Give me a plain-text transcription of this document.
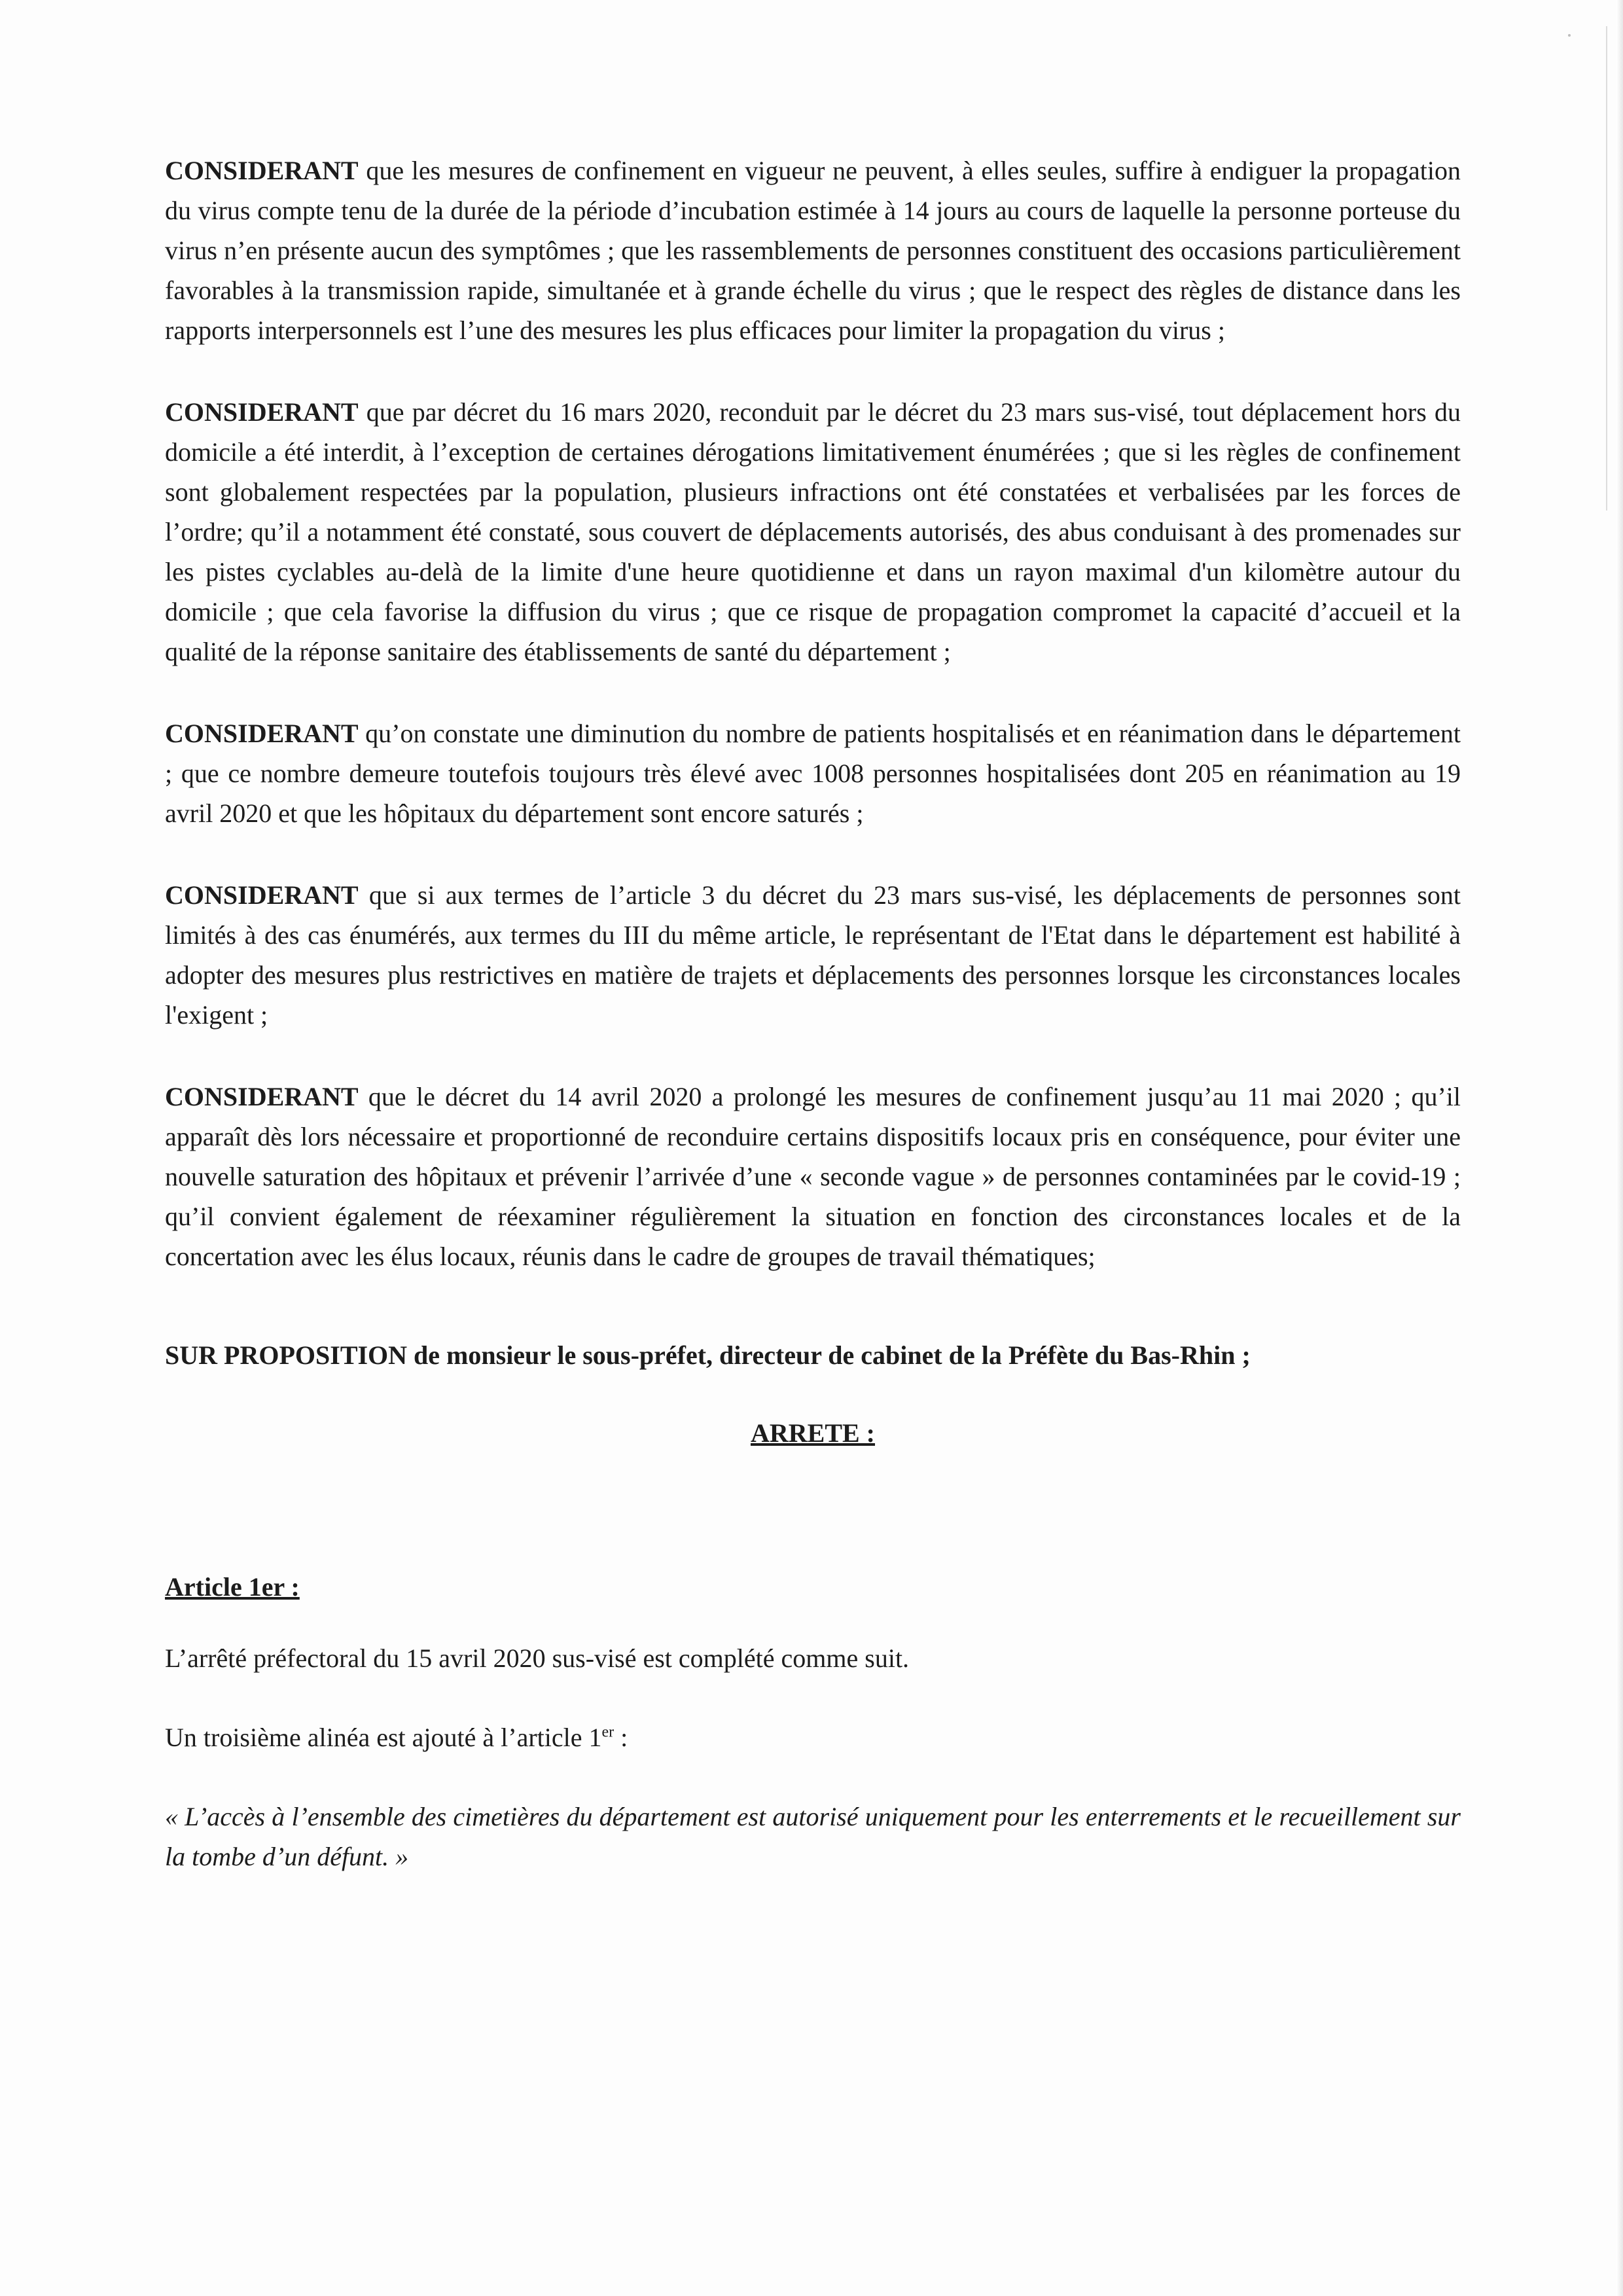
CONSIDERANT que les mesures de confinement en vigueur ne peuvent, à elles seules, suffire à endiguer la propagation du virus compte tenu de la durée de la période d’incubation estimée à 14 jours au cours de laquelle la personne porteuse du virus n’en présente aucun des symptômes ; que les rassemblements de personnes constituent des occasions particulièrement favorables à la transmission rapide, simultanée et à grande échelle du virus ; que le respect des règles de distance dans les rapports interpersonnels est l’une des mesures les plus efficaces pour limiter la propagation du virus ;

CONSIDERANT que par décret du 16 mars 2020, reconduit par le décret du 23 mars sus-visé, tout déplacement hors du domicile a été interdit, à l’exception de certaines dérogations limitativement énumérées ; que si les règles de confinement sont globalement respectées par la population, plusieurs infractions ont été constatées et verbalisées par les forces de l’ordre; qu’il a notamment été constaté, sous couvert de déplacements autorisés, des abus conduisant à des promenades sur les pistes cyclables au-delà de la limite d'une heure quotidienne et dans un rayon maximal d'un kilomètre autour du domicile ; que cela favorise la diffusion du virus ; que ce risque de propagation compromet la capacité d’accueil et la qualité de la réponse sanitaire des établissements de santé du département ;

CONSIDERANT qu’on constate une diminution du nombre de patients hospitalisés et en réanimation dans le département ; que ce nombre demeure toutefois toujours très élevé avec 1008 personnes hospitalisées dont 205 en réanimation au 19 avril 2020 et que les hôpitaux du département sont encore saturés ;

CONSIDERANT que si aux termes de l’article 3 du décret du 23 mars sus-visé, les déplacements de personnes sont limités à des cas énumérés, aux termes du III du même article, le représentant de l'Etat dans le département est habilité à adopter des mesures plus restrictives en matière de trajets et déplacements des personnes lorsque les circonstances locales l'exigent ;

CONSIDERANT que le décret du 14 avril 2020 a prolongé les mesures de confinement jusqu’au 11 mai 2020 ; qu’il apparaît dès lors nécessaire et proportionné de reconduire certains dispositifs locaux pris en conséquence, pour éviter une nouvelle saturation des hôpitaux et prévenir l’arrivée d’une « seconde vague » de personnes contaminées par le covid-19 ; qu’il convient également de réexaminer régulièrement la situation en fonction des circonstances locales et de la concertation avec les élus locaux, réunis dans le cadre de groupes de travail thématiques;

SUR PROPOSITION de monsieur le sous-préfet, directeur de cabinet de la Préfète du Bas-Rhin ;

ARRETE :

Article 1er :

L’arrêté préfectoral du 15 avril 2020 sus-visé est complété comme suit.

Un troisième alinéa est ajouté à l’article 1er :

« L’accès à l’ensemble des cimetières du département est autorisé uniquement pour les enterrements et le recueillement sur la tombe d’un défunt. »
